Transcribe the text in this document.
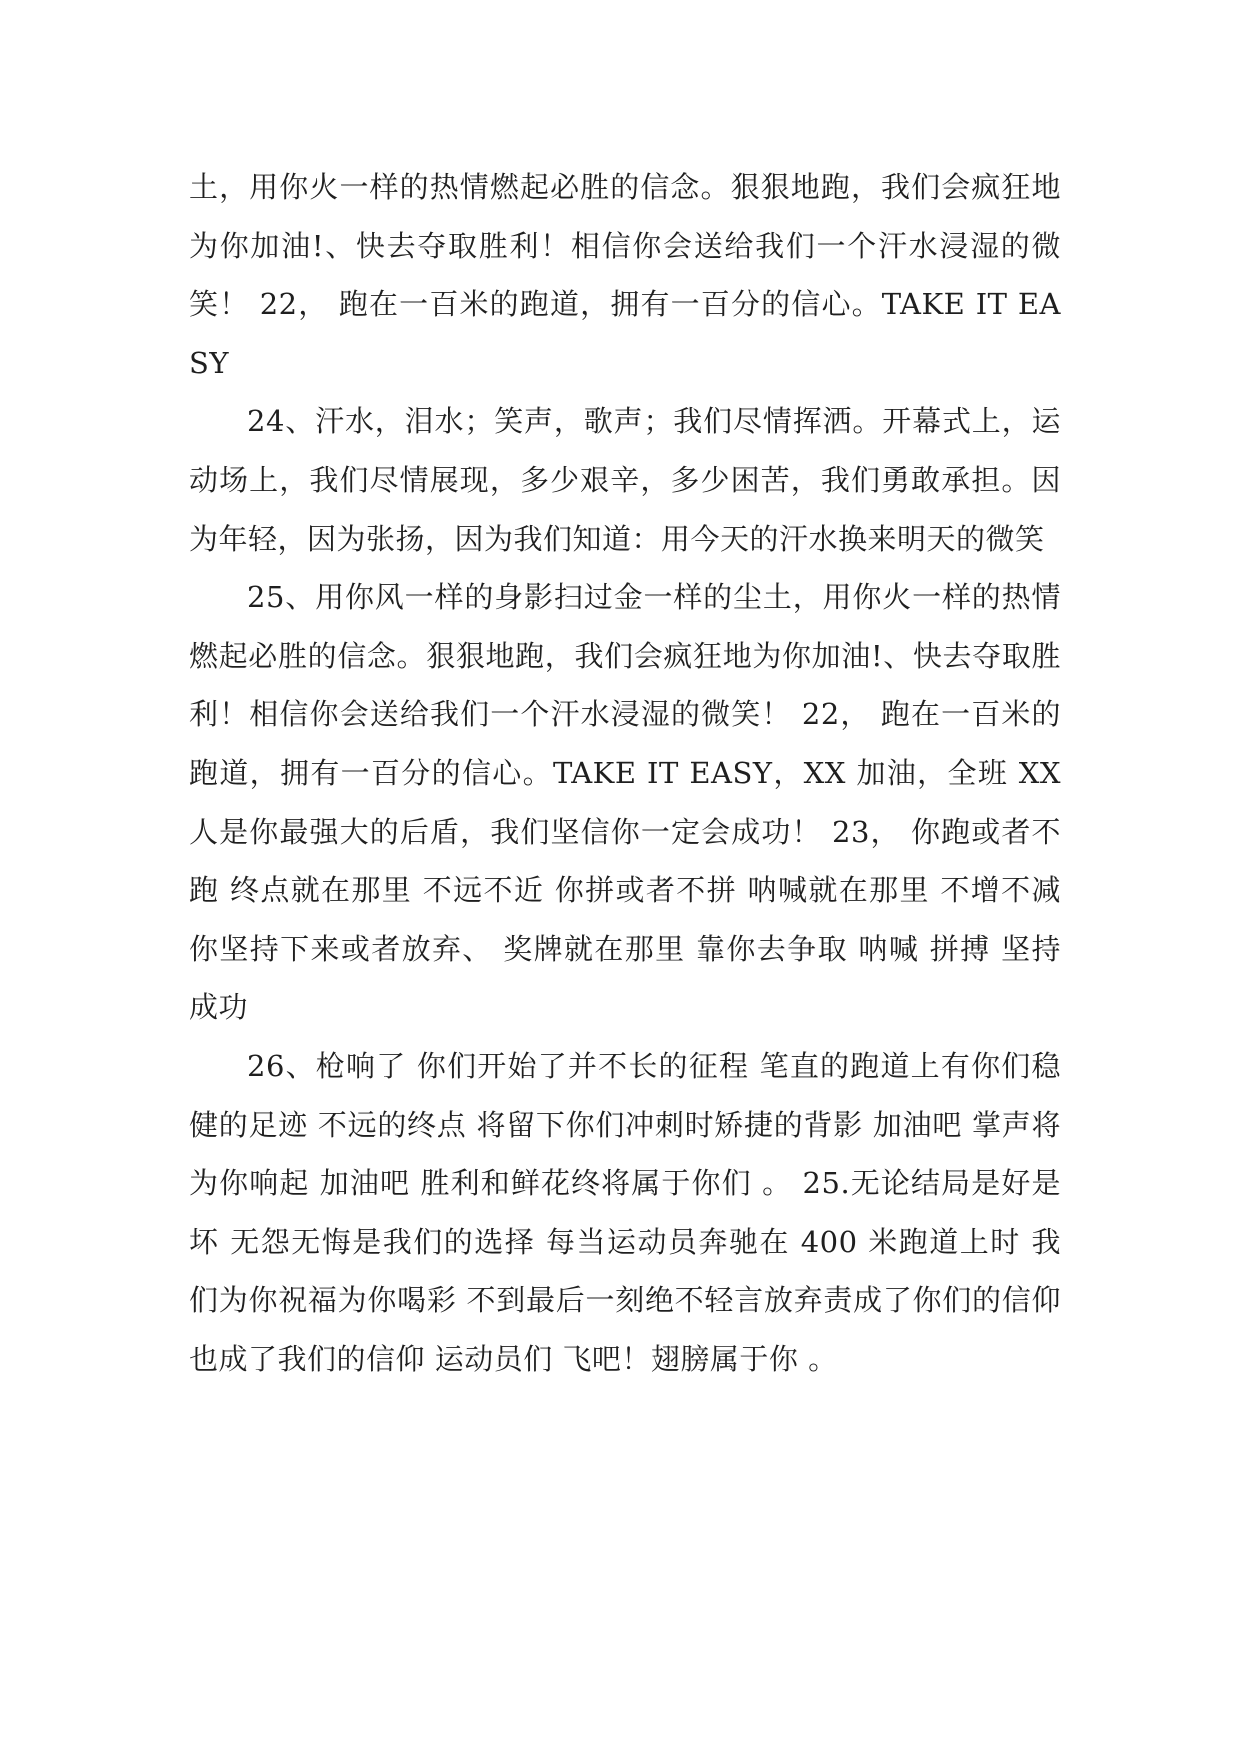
土，用你火一样的热情燃起必胜的信念。狠狠地跑，我们会疯狂地为你加油!、快去夺取胜利！相信你会送给我们一个汗水浸湿的微笑！ 22， 跑在一百米的跑道，拥有一百分的信心。TAKE IT EASY

24、汗水，泪水；笑声，歌声；我们尽情挥洒。开幕式上，运动场上，我们尽情展现，多少艰辛，多少困苦，我们勇敢承担。因为年轻，因为张扬，因为我们知道：用今天的汗水换来明天的微笑

25、用你风一样的身影扫过金一样的尘土，用你火一样的热情燃起必胜的信念。狠狠地跑，我们会疯狂地为你加油!、快去夺取胜利！相信你会送给我们一个汗水浸湿的微笑！ 22， 跑在一百米的跑道，拥有一百分的信心。TAKE IT EASY，XX 加油，全班 XX 人是你最强大的后盾，我们坚信你一定会成功！ 23， 你跑或者不跑 终点就在那里 不远不近 你拼或者不拼 呐喊就在那里 不增不减 你坚持下来或者放弃、 奖牌就在那里 靠你去争取 呐喊 拼搏 坚持 成功

26、枪响了 你们开始了并不长的征程 笔直的跑道上有你们稳健的足迹 不远的终点 将留下你们冲刺时矫捷的背影 加油吧 掌声将为你响起 加油吧 胜利和鲜花终将属于你们 。 25.无论结局是好是坏 无怨无悔是我们的选择 每当运动员奔驰在 400 米跑道上时 我们为你祝福为你喝彩 不到最后一刻绝不轻言放弃责成了你们的信仰 也成了我们的信仰 运动员们 飞吧！翅膀属于你 。
